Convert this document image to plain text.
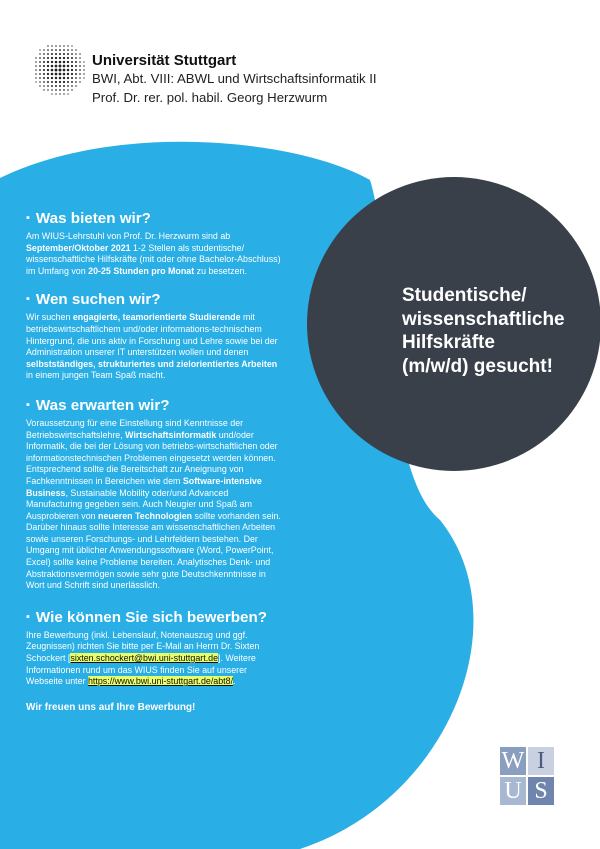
Universität Stuttgart
BWI, Abt. VIII: ABWL und Wirtschaftsinformatik II
Prof. Dr. rer. pol. habil. Georg Herzwurm
Studentische/
wissenschaftliche
Hilfskräfte
(m/w/d) gesucht!
▪ Was bieten wir?

Am WIUS-Lehrstuhl von Prof. Dr. Herzwurm sind ab September/Oktober 2021 1-2 Stellen als studentische/ wissenschaftliche Hilfskräfte (mit oder ohne Bachelor-Abschluss) im Umfang von 20-25 Stunden pro Monat zu besetzen.

▪ Wen suchen wir?

Wir suchen engagierte, teamorientierte Studierende mit betriebswirtschaftlichem und/oder informations-technischem Hintergrund, die uns aktiv in Forschung und Lehre sowie bei der Administration unserer IT unterstützen wollen und denen selbstständiges, strukturiertes und zielorientiertes Arbeiten in einem jungen Team Spaß macht.

▪ Was erwarten wir?

Voraussetzung für eine Einstellung sind Kenntnisse der Betriebswirtschaftslehre, Wirtschaftsinformatik und/oder Informatik, die bei der Lösung von betriebs-wirtschaftlichen oder informationstechnischen Problemen eingesetzt werden können. Entsprechend sollte die Bereitschaft zur Aneignung von Fachkenntnissen in Bereichen wie dem Software-intensive Business, Sustainable Mobility oder/und Advanced Manufacturing gegeben sein. Auch Neugier und Spaß am Ausprobieren von neueren Technologien sollte vorhanden sein. Darüber hinaus sollte Interesse am wissenschaftlichen Arbeiten sowie unseren Forschungs- und Lehrfeldern bestehen. Der Umgang mit üblicher Anwendungssoftware (Word, PowerPoint, Excel) sollte keine Probleme bereiten. Analytisches Denk- und Abstraktionsvermögen sowie sehr gute Deutschkenntnisse in Wort und Schrift sind unerlässlich.

▪ Wie können Sie sich bewerben?

Ihre Bewerbung (inkl. Lebenslauf, Notenauszug und ggf. Zeugnissen) richten Sie bitte per E-Mail an Herrn Dr. Sixten Schockert [sixten.schockert@bwi.uni-stuttgart.de]. Weitere Informationen rund um das WIUS finden Sie auf unserer Webseite unter https://www.bwi.uni-stuttgart.de/abt8/.

Wir freuen uns auf Ihre Bewerbung!
W I
U S
